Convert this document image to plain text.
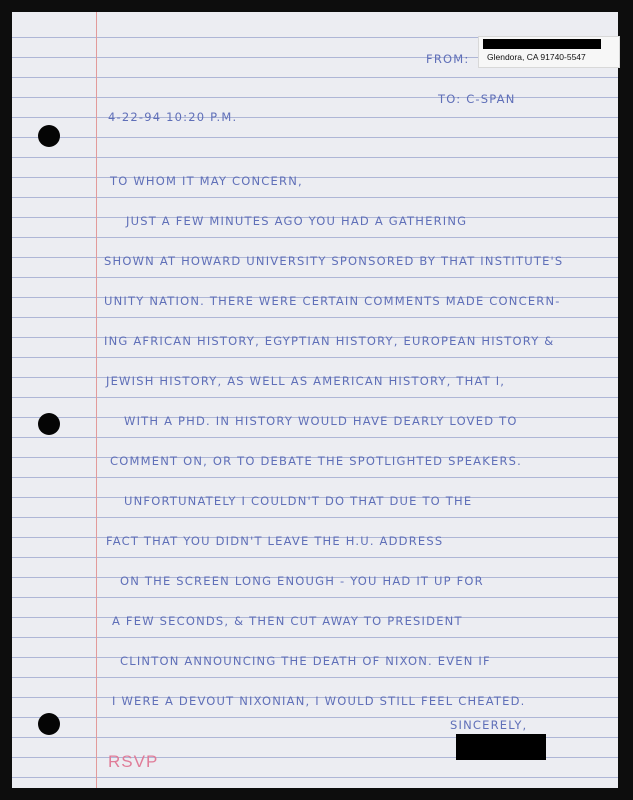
FROM: Glendora, CA 91740-5547

TO: C-SPAN

4-22-94 10:20 P.M.

TO WHOM IT MAY CONCERN,

JUST A FEW MINUTES AGO YOU HAD A GATHERING

SHOWN AT HOWARD UNIVERSITY SPONSORED BY THAT INSTITUTE'S

UNITY NATION. THERE WERE CERTAIN COMMENTS MADE CONCERN-

ING AFRICAN HISTORY, EGYPTIAN HISTORY, EUROPEAN HISTORY &

JEWISH HISTORY, AS WELL AS AMERICAN HISTORY, THAT I,

WITH A PHD. IN HISTORY WOULD HAVE DEARLY LOVED TO

COMMENT ON, OR TO DEBATE THE SPOTLIGHTED SPEAKERS.

UNFORTUNATELY I COULDN'T DO THAT DUE TO THE

FACT THAT YOU DIDN'T LEAVE THE H.U. ADDRESS

ON THE SCREEN LONG ENOUGH - YOU HAD IT UP FOR

A FEW SECONDS, & THEN CUT AWAY TO PRESIDENT

CLINTON ANNOUNCING THE DEATH OF NIXON. EVEN IF

I WERE A DEVOUT NIXONIAN, I WOULD STILL FEEL CHEATED.

SINCERELY,

RSVP
